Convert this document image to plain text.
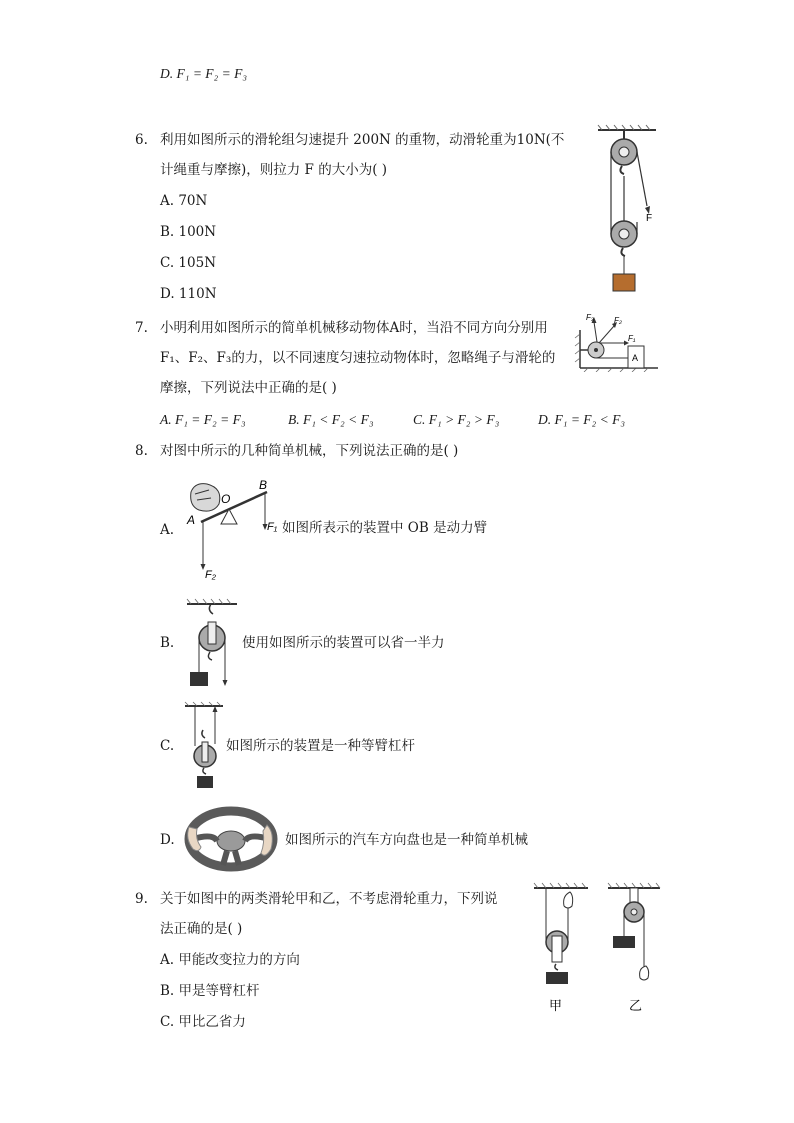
D. F₁ = F₂ = F₃
6. 利用如图所示的滑轮组匀速提升 200N 的重物，动滑轮重为10N(不
计绳重与摩擦)，则拉力 F 的大小为( )
A. 70N
B. 100N
C. 105N
D. 110N
F
7. 小明利用如图所示的简单机械移动物体A时，当沿不同方向分别用
F₁、F₂、F₃的力，以不同速度匀速拉动物体时，忽略绳子与滑轮的
摩擦，下列说法中正确的是( )
A. F₁ = F₂ = F₃	B. F₁ < F₂ < F₃	C. F₁ > F₂ > F₃	D. F₁ = F₂ < F₃
A
F₁
F₂
F₃
8. 对图中所示的几种简单机械，下列说法正确的是( )
A.
O
B
A	F₁
F₂
如图所表示的装置中 OB 是动力臂
B.	使用如图所示的装置可以省一半力
C.	如图所示的装置是一种等臂杠杆
D.	如图所示的汽车方向盘也是一种简单机械
9. 关于如图中的两类滑轮甲和乙，不考虑滑轮重力，下列说
法正确的是( )
A. 甲能改变拉力的方向
B. 甲是等臂杠杆
C. 甲比乙省力
甲	乙
